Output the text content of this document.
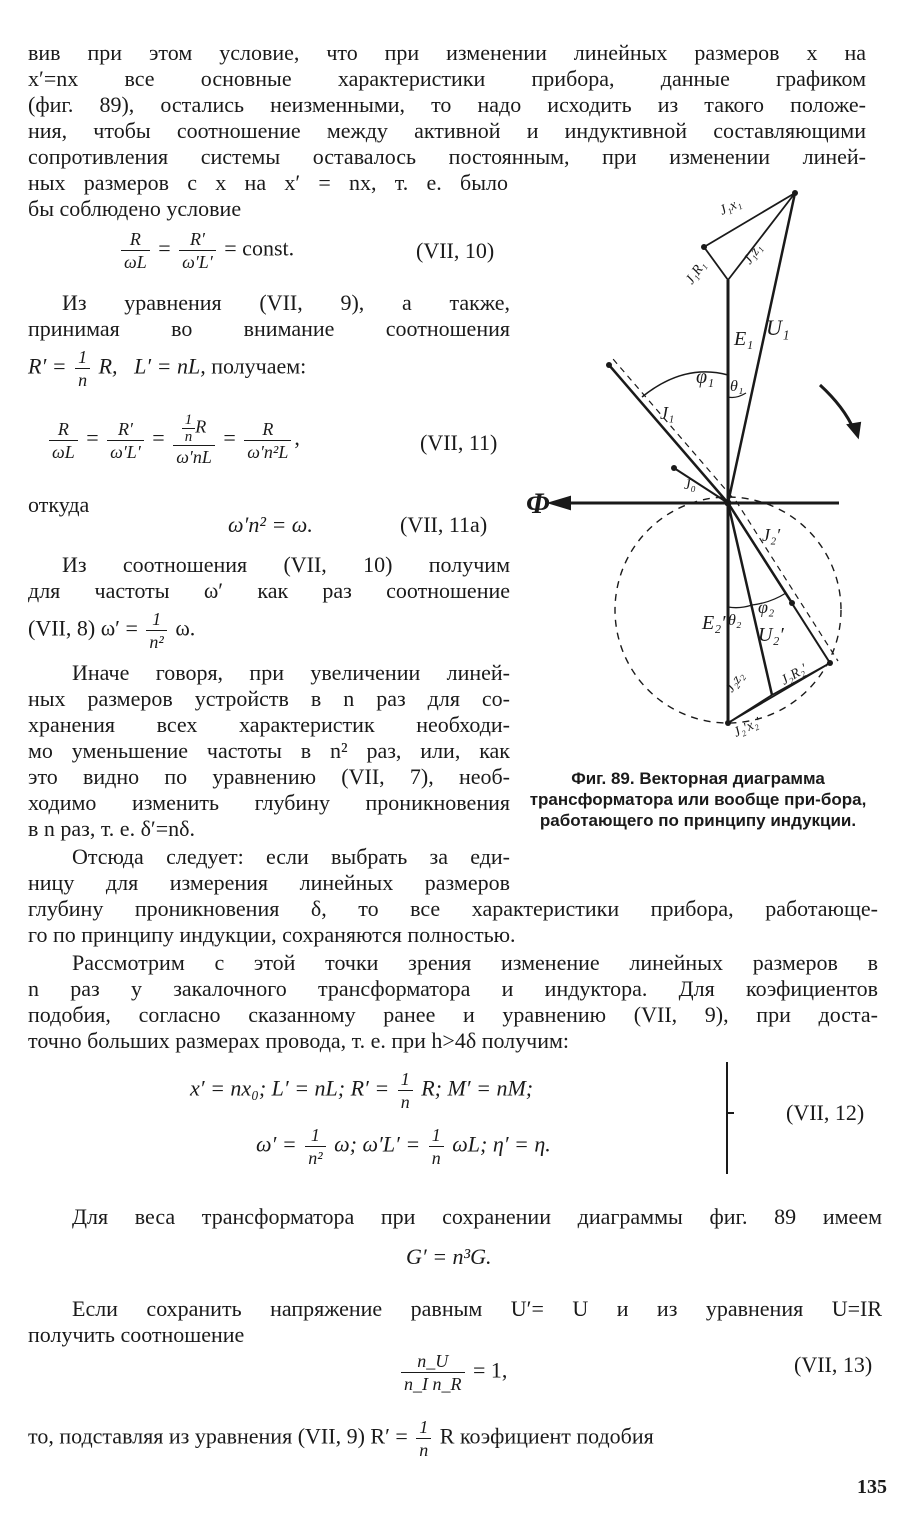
вив при этом условие, что при изменении линейных размеров x на
x′=nx все основные характеристики прибора, данные графиком
(фиг. 89), остались неизменными, то надо исходить из такого положе-
ния, чтобы соотношение между активной и индуктивной составляющими
сопротивления системы оставалось постоянным, при изменении линей-
ных размеров с x на x′ = nx, т. е. было
бы соблюдено условие
$\frac{R}{\omega L} = \frac{R'}{\omega'L'}$ = const.	(VII, 10)
Из уравнения (VII, 9), а также,
принимая во внимание соотношения
$R' = \frac{1}{n} R$, L′ = nL, получаем:
$\frac{R}{\omega L} = \frac{R'}{\omega'L'} = \frac{\frac{1}{n} R}{\omega'nL} = \frac{R}{\text{ω′n²L}}$ ,	(VII, 11)
откуда
ω′n² = ω.	(VII, 11a)
Из соотношения (VII, 10) получим
для частоты ω′ как раз соотношение
(VII, 8) $\omega' = \frac{1}{\text{n²}} \omega$.
Иначе говоря, при увеличении линей-
ных размеров устройств в n раз для со-
хранения всех характеристик необходи-
мо уменьшение частоты в n² раз, или, как
это видно по уравнению (VII, 7), необ-
ходимо изменить глубину проникновения
в n раз, т. е. δ′=nδ.
Отсюда следует: если выбрать за еди-
ницу для измерения линейных размеров
глубину проникновения δ, то все характеристики прибора, работающе-
го по принципу индукции, сохраняются полностью.
Рассмотрим с этой точки зрения изменение линейных размеров в
n раз у закалочного трансформатора и индуктора. Для коэфициентов
подобия, согласно сказанному ранее и уравнению (VII, 9), при доста-
точно больших размерах провода, т. е. при h>4δ получим:
x′ = nx₀; L′ = nL; $R' = \frac{1}{n} R$; M′ = nM;
$\omega' = \frac{1}{\text{n²}} \omega$; $\omega'L' = \frac{1}{n} \omega L$; η′ = η.
(VII, 12)
Для веса трансформатора при сохранении диаграммы фиг. 89 имеем
G′ = n³G.
Если сохранить напряжение равным U′= U и из уравнения U=IR
получить соотношение
$\frac{n\_U}{\text{n\_I n\_R}} = 1$,	(VII, 13)
то, подставляя из уравнения (VII, 9) $R' = \frac{1}{n}$ R коэфициент подобия
Φ
J₁x₁
J₁z₁
J₁R₁
E₁ U₁
φ₁ θ₁
J₁
J₀
J₂′
φ₂
E₂′ θ₂
U₂′
J₂z₂ J₂R₂′
J₂′x₂′
Фиг. 89. Векторная диаграмма трансформатора или вообще при-бора, работающего по принципу индукции.
135
